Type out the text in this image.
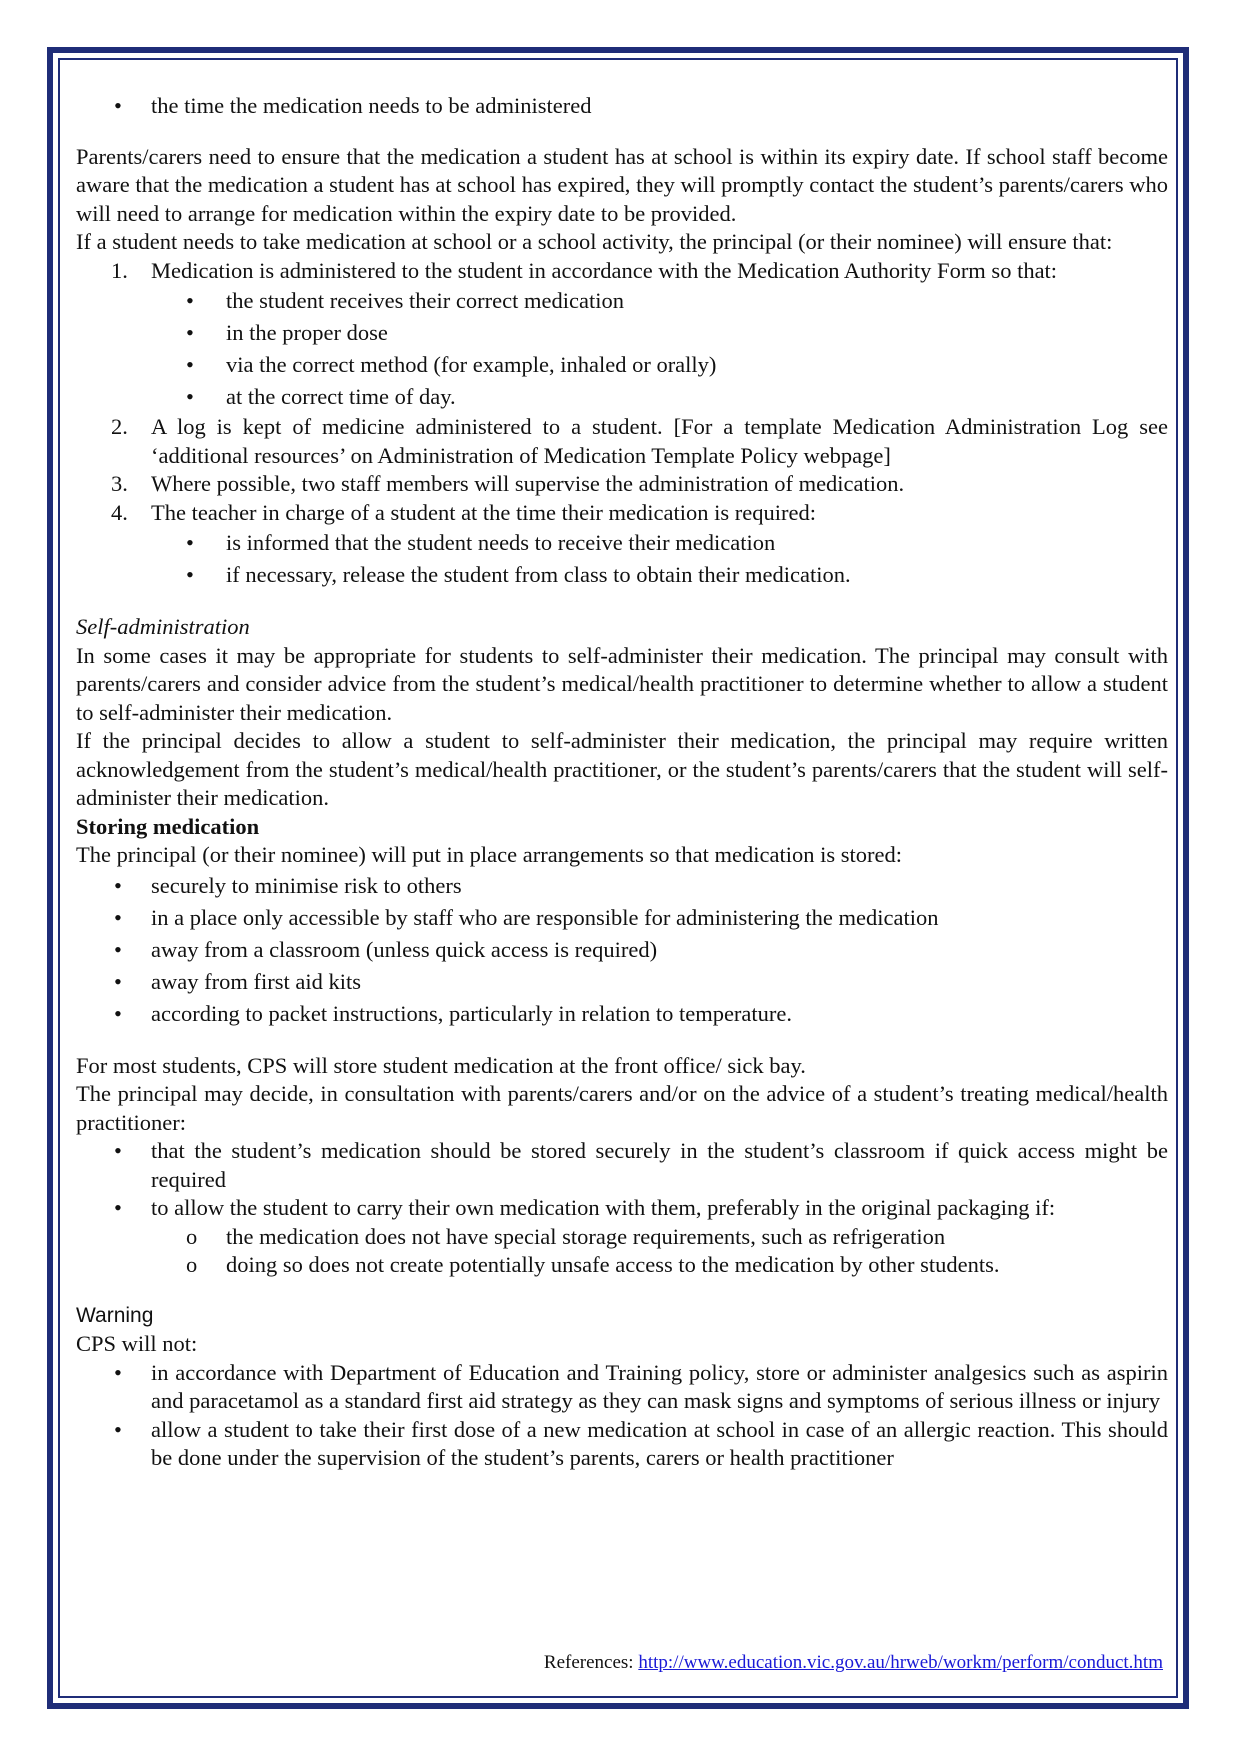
• the time the medication needs to be administered

Parents/carers need to ensure that the medication a student has at school is within its expiry date. If school staff become aware that the medication a student has at school has expired, they will promptly contact the student’s parents/carers who will need to arrange for medication within the expiry date to be provided.

If a student needs to take medication at school or a school activity, the principal (or their nominee) will ensure that:

1. Medication is administered to the student in accordance with the Medication Authority Form so that:
• the student receives their correct medication
• in the proper dose
• via the correct method (for example, inhaled or orally)
• at the correct time of day.
2. A log is kept of medicine administered to a student. [For a template Medication Administration Log see ‘additional resources’ on Administration of Medication Template Policy webpage]
3. Where possible, two staff members will supervise the administration of medication.
4. The teacher in charge of a student at the time their medication is required:
• is informed that the student needs to receive their medication
• if necessary, release the student from class to obtain their medication.

Self-administration

In some cases it may be appropriate for students to self-administer their medication. The principal may consult with parents/carers and consider advice from the student’s medical/health practitioner to determine whether to allow a student to self-administer their medication.

If the principal decides to allow a student to self-administer their medication, the principal may require written acknowledgement from the student’s medical/health practitioner, or the student’s parents/carers that the student will self-administer their medication.

Storing medication

The principal (or their nominee) will put in place arrangements so that medication is stored:

• securely to minimise risk to others
• in a place only accessible by staff who are responsible for administering the medication
• away from a classroom (unless quick access is required)
• away from first aid kits
• according to packet instructions, particularly in relation to temperature.

For most students, CPS will store student medication at the front office/ sick bay.

The principal may decide, in consultation with parents/carers and/or on the advice of a student’s treating medical/health practitioner:

• that the student’s medication should be stored securely in the student’s classroom if quick access might be required
• to allow the student to carry their own medication with them, preferably in the original packaging if:
o the medication does not have special storage requirements, such as refrigeration
o doing so does not create potentially unsafe access to the medication by other students.

Warning

CPS will not:

• in accordance with Department of Education and Training policy, store or administer analgesics such as aspirin and paracetamol as a standard first aid strategy as they can mask signs and symptoms of serious illness or injury
• allow a student to take their first dose of a new medication at school in case of an allergic reaction. This should be done under the supervision of the student’s parents, carers or health practitioner
References: http://www.education.vic.gov.au/hrweb/workm/perform/conduct.htm
